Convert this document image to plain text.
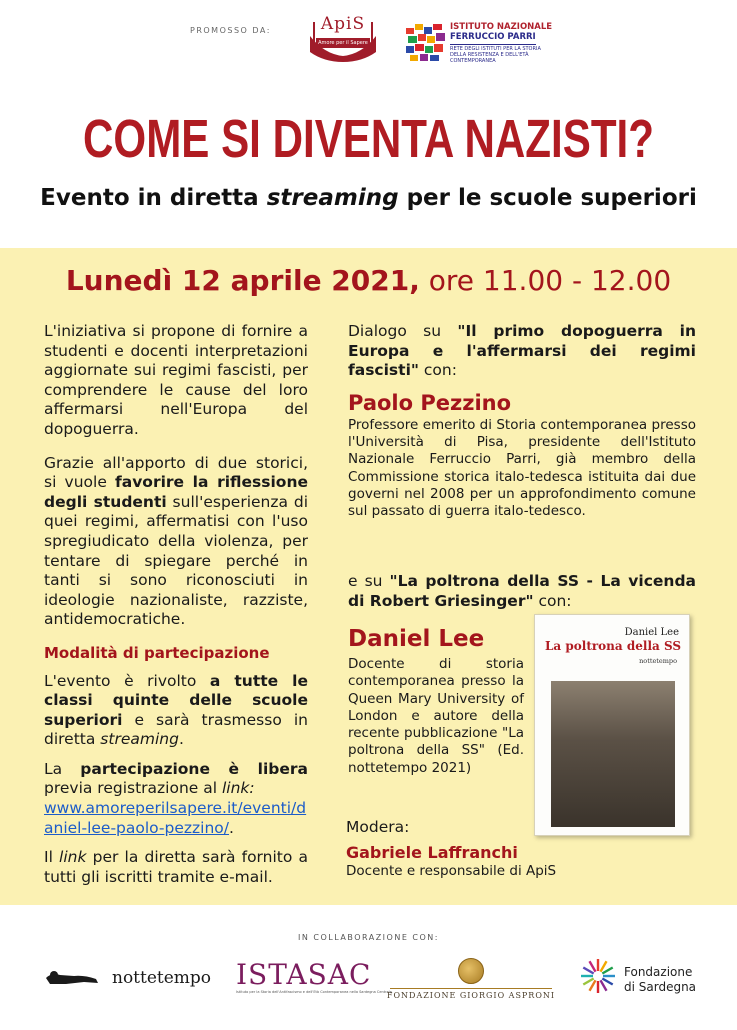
PROMOSSO DA:	ApiS
Amore per il Sapere
ISTITUTO NAZIONALE
FERRUCCIO PARRI
RETE DEGLI ISTITUTI PER LA STORIA DELLA RESISTENZA E DELL'ETÀ CONTEMPORANEA
COME SI DIVENTA NAZISTI?
Evento in diretta streaming per le scuole superiori
Lunedì 12 aprile 2021, ore 11.00 - 12.00

L'iniziativa si propone di fornire a studenti e docenti interpretazioni aggiornate sui regimi fascisti, per comprendere le cause del loro affermarsi nell'Europa del dopoguerra.

Grazie all'apporto di due storici, si vuole favorire la riflessione degli studenti sull'esperienza di quei regimi, affermatisi con l'uso spregiudicato della violenza, per tentare di spiegare perché in tanti si sono riconosciuti in ideologie nazionaliste, razziste, antidemocratiche.

Modalità di partecipazione

L'evento è rivolto a tutte le classi quinte delle scuole superiori e sarà trasmesso in diretta streaming.

La partecipazione è libera previa registrazione al link:
www.amoreperilsapere.it/eventi/daniel-lee-paolo-pezzino/.

Il link per la diretta sarà fornito a tutti gli iscritti tramite e-mail.

Dialogo su "Il primo dopoguerra in Europa e l'affermarsi dei regimi fascisti" con:

Paolo Pezzino

Professore emerito di Storia contemporanea presso l'Università di Pisa, presidente dell'Istituto Nazionale Ferruccio Parri, già membro della Commissione storica italo-tedesca istituita dai due governi nel 2008 per un approfondimento comune sul passato di guerra italo-tedesco.

e su "La poltrona della SS - La vicenda di Robert Griesinger" con:

Daniel Lee

Docente di storia contemporanea presso la Queen Mary University of London e autore della recente pubblicazione "La poltrona della SS" (Ed. nottetempo 2021)

Daniel Lee
La poltrona della SS
nottetempo
Modera:
Gabriele Laffranchi
Docente e responsabile di ApiS
IN COLLABORAZIONE CON:
nottetempo ISTASAC
Istituto per la Storia dell'Antifascismo e dell'Età Contemporanea nella Sardegna Centrale
FONDAZIONE GIORGIO ASPRONI
Fondazione
di Sardegna
